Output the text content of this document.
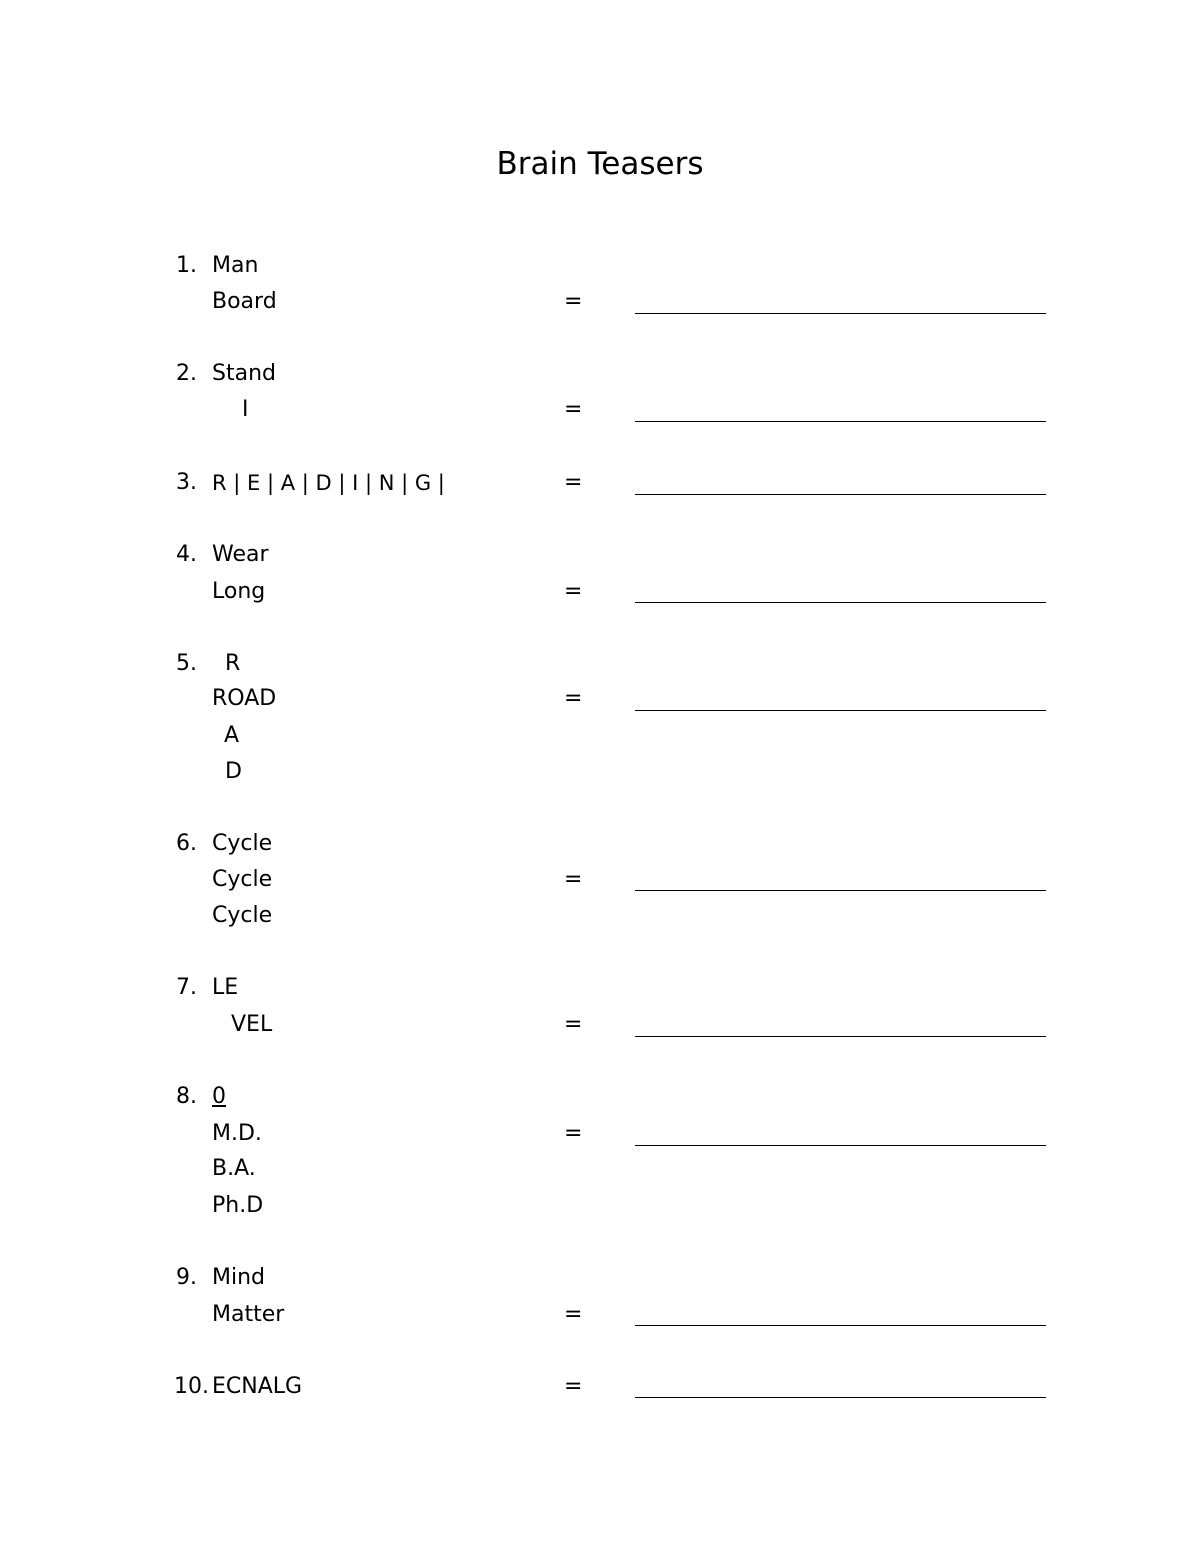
Brain Teasers
1. Man
Board	=
2. Stand
I	=
3. R | E | A | D | I | N | G |	=
4. Wear
Long	=
5. R
ROAD
A
D
=
6. Cycle
Cycle
Cycle
=
7. LE
VEL	=
8. 0
M.D.
B.A.
Ph.D
=
9. Mind
Matter	=
10. ECNALG	=
